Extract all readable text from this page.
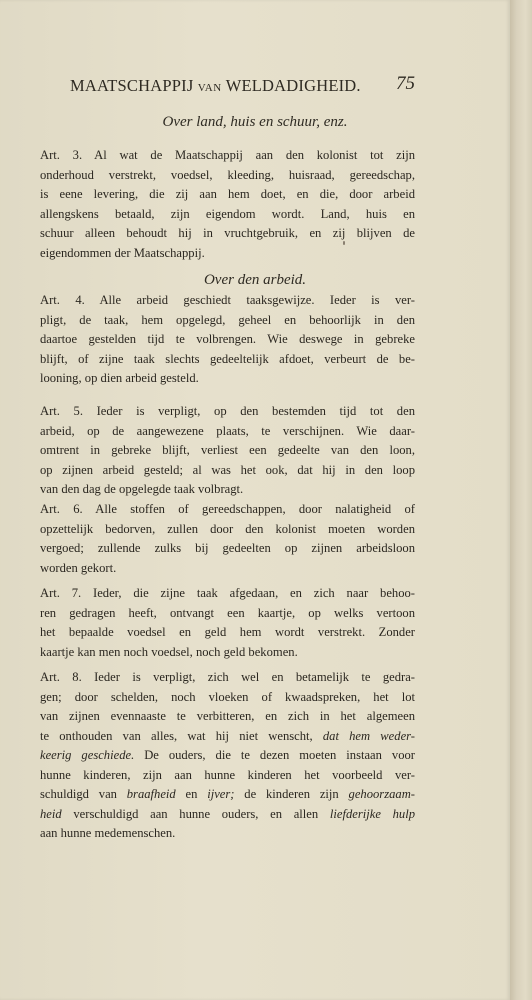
MAATSCHAPPIJ VAN WELDADIGHEID.	75
Over land, huis en schuur, enz.
Art. 3. Al wat de Maatschappij aan den kolonist tot zijn
onderhoud verstrekt, voedsel, kleeding, huisraad, gereedschap,
is eene levering, die zij aan hem doet, en die, door arbeid
allengskens betaald, zijn eigendom wordt. Land, huis en
schuur alleen behoudt hij in vruchtgebruik, en zij blijven de
eigendommen der Maatschappij.
Over den arbeid.
Art. 4. Alle arbeid geschiedt taaksgewijze. Ieder is ver-
pligt, de taak, hem opgelegd, geheel en behoorlijk in den
daartoe gestelden tijd te volbrengen. Wie deswege in gebreke
blijft, of zijne taak slechts gedeeltelijk afdoet, verbeurt de be-
looning, op dien arbeid gesteld.
Art. 5. Ieder is verpligt, op den bestemden tijd tot den
arbeid, op de aangewezene plaats, te verschijnen. Wie daar-
omtrent in gebreke blijft, verliest een gedeelte van den loon,
op zijnen arbeid gesteld; al was het ook, dat hij in den loop
van den dag de opgelegde taak volbragt.
Art. 6. Alle stoffen of gereedschappen, door nalatigheid of
opzettelijk bedorven, zullen door den kolonist moeten worden
vergoed; zullende zulks bij gedeelten op zijnen arbeidsloon
worden gekort.
Art. 7. Ieder, die zijne taak afgedaan, en zich naar behoo-
ren gedragen heeft, ontvangt een kaartje, op welks vertoon
het bepaalde voedsel en geld hem wordt verstrekt. Zonder
kaartje kan men noch voedsel, noch geld bekomen.
Art. 8. Ieder is verpligt, zich wel en betamelijk te gedra-
gen; door schelden, noch vloeken of kwaadspreken, het lot
van zijnen evennaaste te verbitteren, en zich in het algemeen
te onthouden van alles, wat hij niet wenscht, dat hem weder-
keerig geschiede. De ouders, die te dezen moeten instaan voor
hunne kinderen, zijn aan hunne kinderen het voorbeeld ver-
schuldigd van braafheid en ijver; de kinderen zijn gehoorzaam-
heid verschuldigd aan hunne ouders, en allen liefderijke hulp
aan hunne medemenschen.
